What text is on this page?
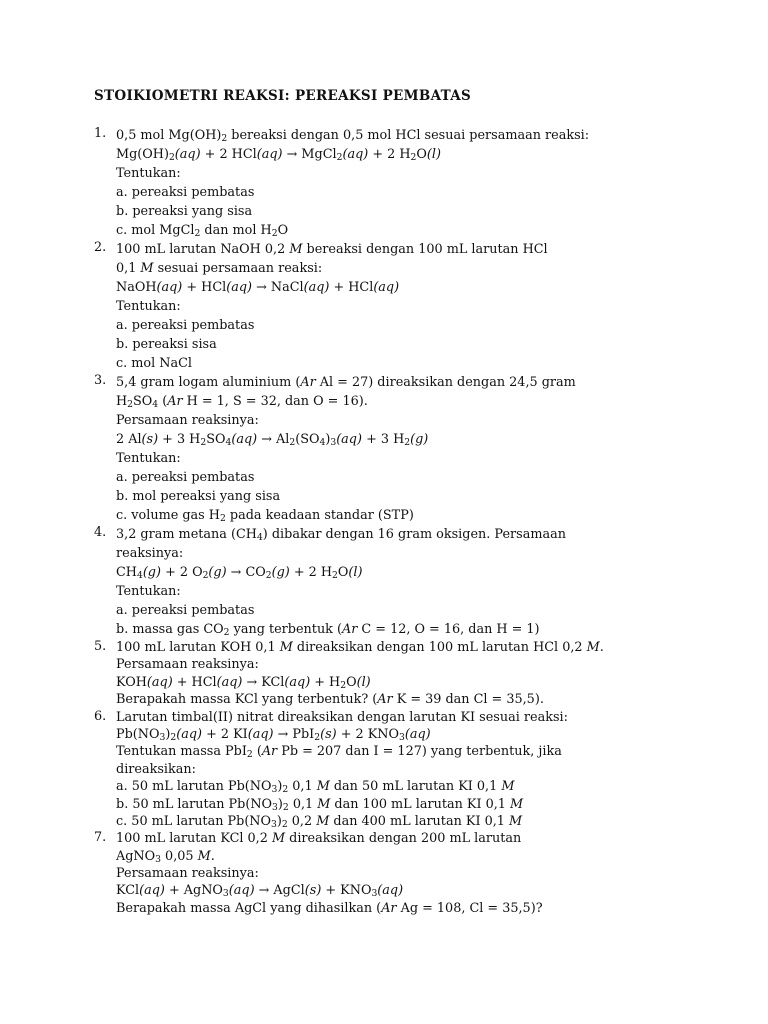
STOIKIOMETRI REAKSI: PEREAKSI PEMBATAS
1. 0,5 mol $Mg(OH)_2$ bereaksi dengan 0,5 mol HCl sesuai persamaan reaksi:
$Mg(OH)_2(aq) + 2$ HCl(aq) → MgCl$_2$(aq) + 2 $H_2O(l)$
Tentukan:
a. pereaksi pembatas
b. pereaksi yang sisa
c. mol MgCl$_2$ dan mol $H_2O$
2. 100 mL larutan NaOH 0,2 M bereaksi dengan 100 mL larutan HCl
0,1 M sesuai persamaan reaksi:
NaOH(aq) + HCl(aq) → NaCl(aq) + HCl(aq)
Tentukan:
a. pereaksi pembatas
b. pereaksi sisa
c. mol NaCl
3. 5,4 gram logam aluminium (Ar Al = 27) direaksikan dengan 24,5 gram
$H_2SO_4$ (Ar H = 1, S = 32, dan O = 16).
Persamaan reaksinya:
2 Al(s) + 3 $H_2SO_4(aq) \to Al_2(SO_4)_3(aq) + 3$ $H_2(g)$
Tentukan:
a. pereaksi pembatas
b. mol pereaksi yang sisa
c. volume gas $H_2$ pada keadaan standar (STP)
4. 3,2 gram metana $(CH_4)$ dibakar dengan 16 gram oksigen. Persamaan
reaksinya:
$CH_4(g) + 2$ $O_2(g) \to CO_2(g) + 2$ $H_2O(l)$
Tentukan:
a. pereaksi pembatas
b. massa gas $CO_2$ yang terbentuk (Ar C = 12, O = 16, dan H = 1)
5. 100 mL larutan KOH 0,1 M direaksikan dengan 100 mL larutan HCl 0,2 M.
Persamaan reaksinya:
$KOH(aq) + HCl(aq) \to KCl(aq) + H_2O(l)$
Berapakah massa KCl yang terbentuk? (Ar K = 39 dan Cl = 35,5).
6. Larutan timbal(II) nitrat direaksikan dengan larutan KI sesuai reaksi:
$Pb(NO_3)_2(aq) + 2$ KI(aq) → PbI$_2$(s) + 2 $KNO_3(aq)$
Tentukan massa PbI$_2$ (Ar Pb = 207 dan I = 127) yang terbentuk, jika
direaksikan:
a. 50 mL larutan $Pb(NO_3)_2$ 0,1 M dan 50 mL larutan KI 0,1 M
b. 50 mL larutan $Pb(NO_3)_2$ 0,1 M dan 100 mL larutan KI 0,1 M
c. 50 mL larutan $Pb(NO_3)_2$ 0,2 M dan 400 mL larutan KI 0,1 M
7. 100 mL larutan KCl 0,2 M direaksikan dengan 200 mL larutan
AgNO$_3$ 0,05 M.
Persamaan reaksinya:
KCl(aq) + AgNO$_3$(aq) → AgCl(s) + $KNO_3(aq)$
Berapakah massa AgCl yang dihasilkan (Ar Ag = 108, Cl = 35,5)?
